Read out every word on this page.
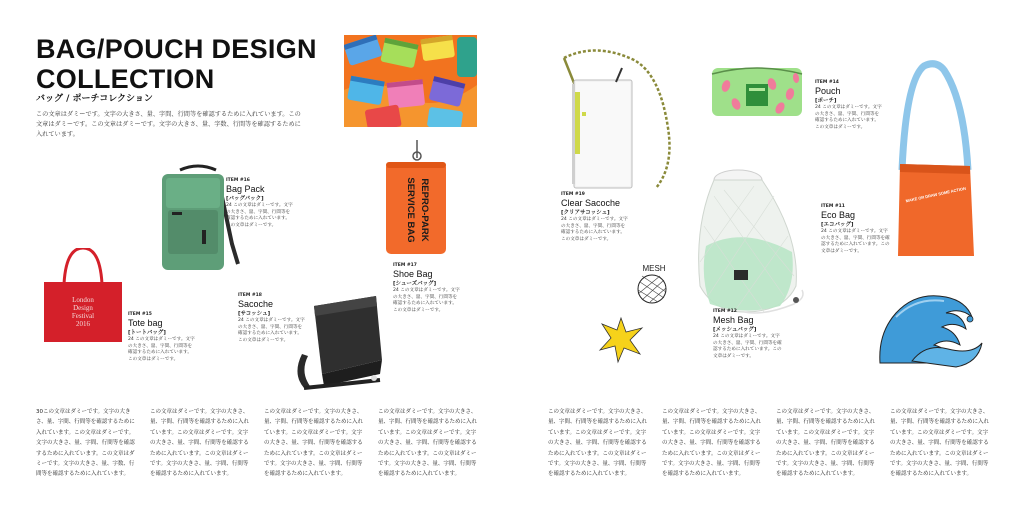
BAG/POUCH DESIGN
COLLECTION
バッグ / ポーチコレクション
この文章はダミーです。文字の大きさ、量、字間、行間等を確認するために入れています。この文章はダミーです。この文章はダミーです。文字の大きさ、量、字数、行間等を確認するために入れています。
ITEM #16
Bag Pack
[バッグパック]
24 この文章はダミーです。文字
の大きさ、量、字間、行間等を
確認するために入れています。
この文章はダミーです。	REPRO-PARK
SERVICE BAG
ITEM #17
Shoe Bag
[シューズバッグ]
24 この文章はダミーです。文字
の大きさ、量、字間、行間等を
確認するために入れています。
この文章はダミーです。
London
Design
Festival
2016
ITEM #15
Tote bag
[トートバッグ]
24 この文章はダミーです。文字
の大きさ、量、字間、行間等を
確認するために入れています。
この文章はダミーです。
ITEM #18
Sacoche
[サコッシュ]
24 この文章はダミーです。文字
の大きさ、量、字間、行間等を
確認するために入れています。
この文章はダミーです。
ITEM #19
Clear Sacoche
[クリアサコッシュ]
24 この文章はダミーです。文字
の大きさ、量、字間、行間等を
確認するために入れています。
この文章はダミーです。
ITEM #14
Pouch
[ポーチ]
24 この文章はダミーです。文字
の大きさ、量、字間、行間等を
確認するために入れています。
この文章はダミーです。
MAKE OR DRAW SOME ACTION
ITEM #11
Eco Bag
[エコバッグ]
24 この文章はダミーです。文字
の大きさ、量、字間、行間等を確
認するために入れています。この
文章はダミーです。
ITEM #12
Mesh Bag
[メッシュバッグ]
24 この文章はダミーです。文字
の大きさ、量、字間、行間等を確
認するために入れています。この
文章はダミーです。
MESH
30この文章はダミーです。文字の大きさ、量、字間、行間等を確認するために入れています。この文章はダミーです。文字の大きさ、量、字間、行間等を確認するために入れています。この文章はダミーです。文字の大きさ、量、字数、行間等を確認するために入れています。
この文章はダミーです。文字の大きさ、量、字間、行間等を確認するために入れています。この文章はダミーです。文字の大きさ、量、字間、行間等を確認するために入れています。この文章はダミーです。文字の大きさ、量、字間、行間等を確認するために入れています。
この文章はダミーです。文字の大きさ、量、字間、行間等を確認するために入れています。この文章はダミーです。文字の大きさ、量、字間、行間等を確認するために入れています。この文章はダミーです。文字の大きさ、量、字間、行間等を確認するために入れています。
この文章はダミーです。文字の大きさ、量、字間、行間等を確認するために入れています。この文章はダミーです。文字の大きさ、量、字間、行間等を確認するために入れています。この文章はダミーです。文字の大きさ、量、字間、行間等を確認するために入れています。
この文章はダミーです。文字の大きさ、量、字間、行間等を確認するために入れています。この文章はダミーです。文字の大きさ、量、字間、行間等を確認するために入れています。この文章はダミーです。文字の大きさ、量、字間、行間等を確認するために入れています。
この文章はダミーです。文字の大きさ、量、字間、行間等を確認するために入れています。この文章はダミーです。文字の大きさ、量、字間、行間等を確認するために入れています。この文章はダミーです。文字の大きさ、量、字間、行間等を確認するために入れています。
この文章はダミーです。文字の大きさ、量、字間、行間等を確認するために入れています。この文章はダミーです。文字の大きさ、量、字間、行間等を確認するために入れています。この文章はダミーです。文字の大きさ、量、字間、行間等を確認するために入れています。
この文章はダミーです。文字の大きさ、量、字間、行間等を確認するために入れています。この文章はダミーです。文字の大きさ、量、字間、行間等を確認するために入れています。この文章はダミーです。文字の大きさ、量、字間、行間等を確認するために入れています。
